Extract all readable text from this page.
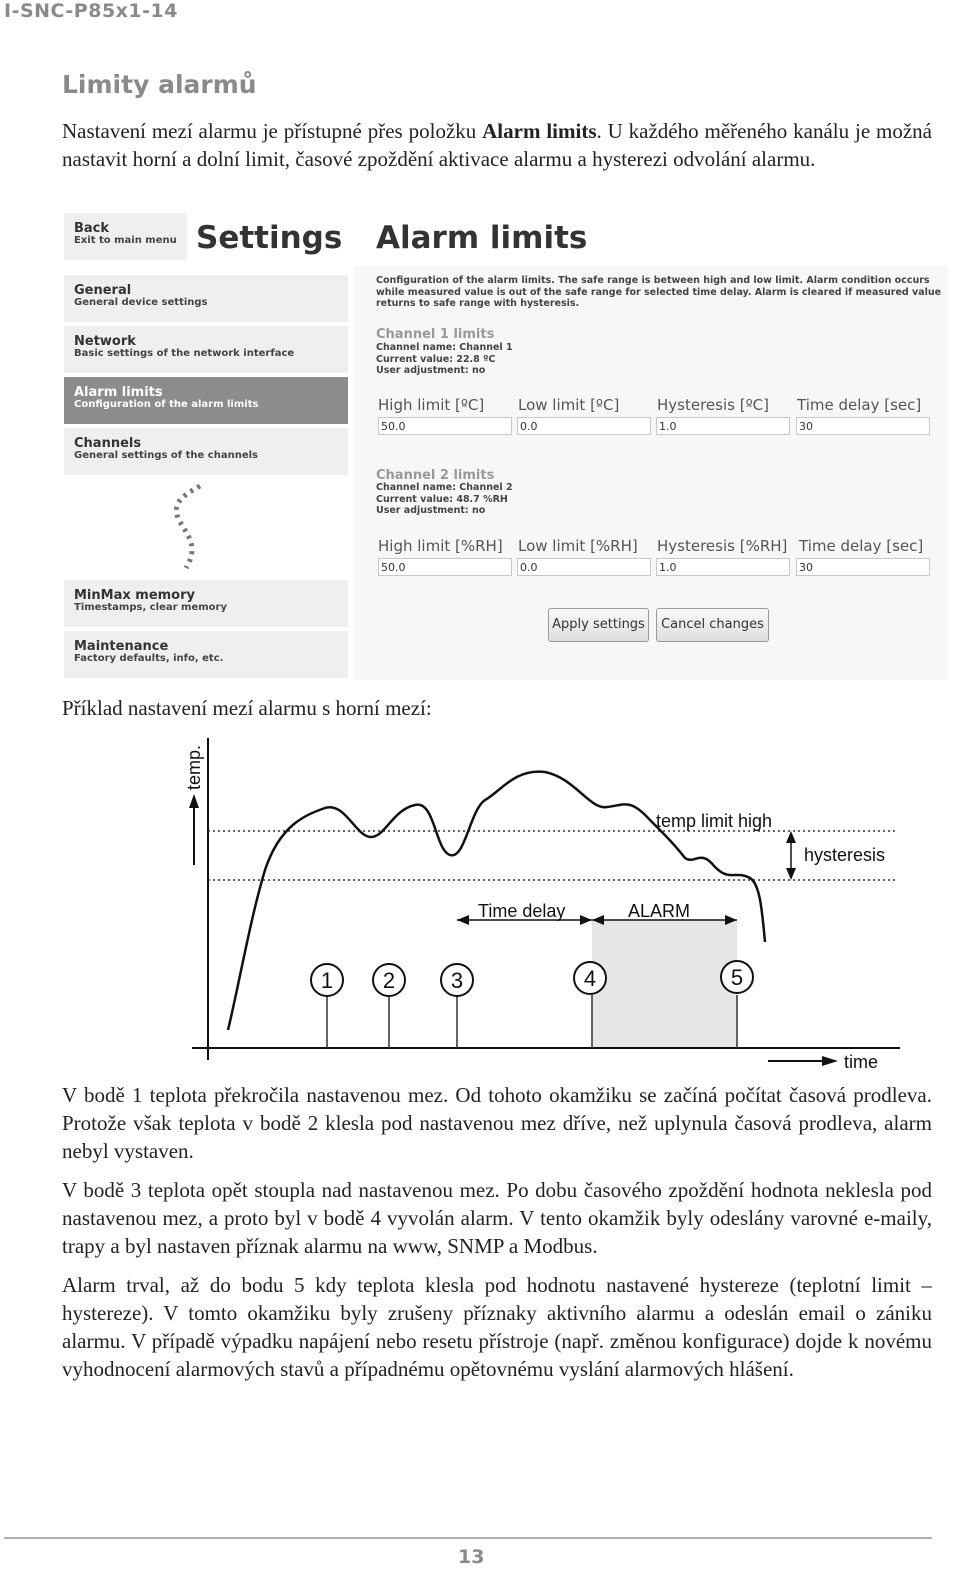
I-SNC-P85x1-14
Limity alarmů

Nastavení mezí alarmu je přístupné přes položku Alarm limits. U každého měřeného kanálu je možná nastavit horní a dolní limit, časové zpoždění aktivace alarmu a hysterezi odvolání alarmu.

Back
Exit to main menu
General
General device settings
Network
Basic settings of the network interface
Alarm limits
Configuration of the alarm limits
Channels
General settings of the channels
MinMax memory
Timestamps, clear memory
Maintenance
Factory defaults, info, etc.
Settings Alarm limits
Configuration of the alarm limits. The safe range is between high and low limit. Alarm condition occurs while measured value is out of the safe range for selected time delay. Alarm is cleared if measured value returns to safe range with hysteresis.
Channel 1 limits
Channel name: Channel 1
Current value: 22.8 ºC
User adjustment: no
High limit [ºC] Low limit [ºC]	Hysteresis [ºC] Time delay [sec]
50.0	0.0	1.0	30
Channel 2 limits
Channel name: Channel 2
Current value: 48.7 %RH
User adjustment: no
High limit [%RH] Low limit [%RH] Hysteresis [%RH] Time delay [sec]
50.0	0.0	1.0	30
Apply settings	Cancel changes

Příklad nastavení mezí alarmu s horní mezí:

temp.
time
temp limit high
hysteresis
Time delay	ALARM
1 2	3	4	5

V bodě 1 teplota překročila nastavenou mez. Od tohoto okamžiku se začíná počítat časová prodleva. Protože však teplota v bodě 2 klesla pod nastavenou mez dříve, než uplynula časová prodleva, alarm nebyl vystaven.

V bodě 3 teplota opět stoupla nad nastavenou mez. Po dobu časového zpoždění hodnota neklesla pod nastavenou mez, a proto byl v bodě 4 vyvolán alarm. V tento okamžik byly odeslány varovné e-maily, trapy a byl nastaven příznak alarmu na www, SNMP a Modbus.

Alarm trval, až do bodu 5 kdy teplota klesla pod hodnotu nastavené hystereze (teplotní limit – hystereze). V tomto okamžiku byly zrušeny příznaky aktivního alarmu a odeslán email o zániku alarmu. V případě výpadku napájení nebo resetu přístroje (např. změnou konfigurace) dojde k novému vyhodnocení alarmových stavů a případnému opětovnému vyslání alarmových hlášení.

13
